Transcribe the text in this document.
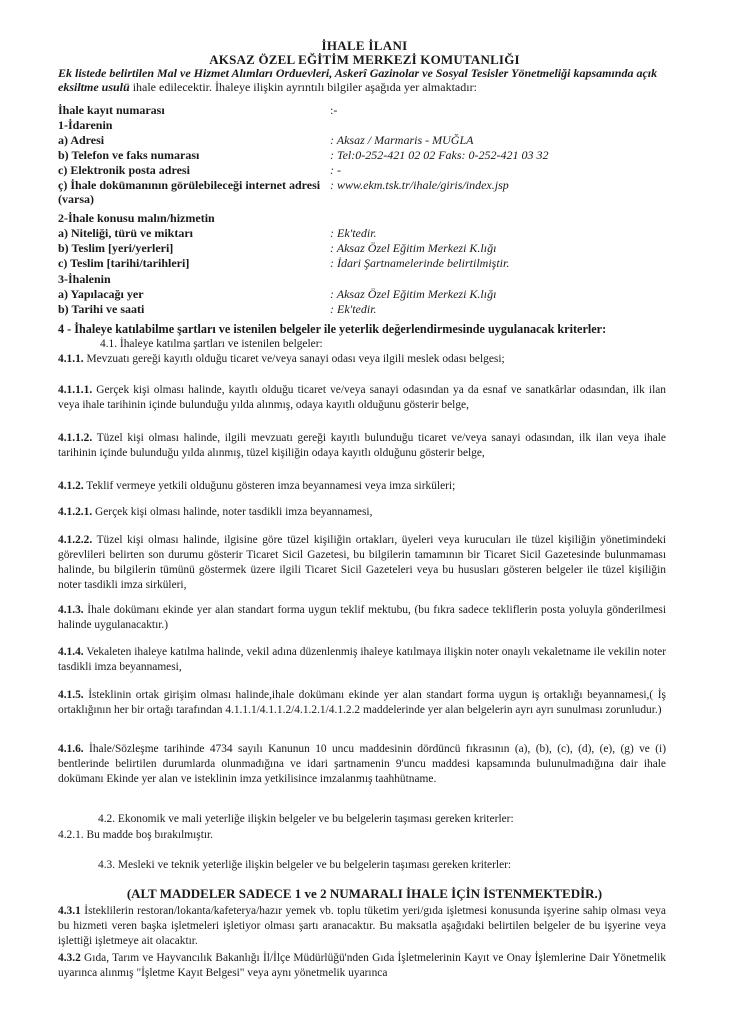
İHALE İLANI
AKSAZ ÖZEL EĞİTİM MERKEZİ KOMUTANLIĞI
Ek listede belirtilen Mal ve Hizmet Alımları Orduevleri, Askerî Gazinolar ve Sosyal Tesisler Yönetmeliği kapsamında açık eksiltme usulü ihale edilecektir. İhaleye ilişkin ayrıntılı bilgiler aşağıda yer almaktadır:
İhale kayıt numarası	:-
1-İdarenin
a) Adresi	: Aksaz / Marmaris - MUĞLA
b) Telefon ve faks numarası	: Tel:0-252-421 02 02 Faks: 0-252-421 03 32
c) Elektronik posta adresi	: -
ç) İhale dokümanının görülebileceği internet adresi (varsa): www.ekm.tsk.tr/ihale/giris/index.jsp
2-İhale konusu malın/hizmetin
a) Niteliği, türü ve miktarı	: Ek'tedir.
b) Teslim [yeri/yerleri]	: Aksaz Özel Eğitim Merkezi K.lığı
c) Teslim [tarihi/tarihleri]	: İdari Şartnamelerinde belirtilmiştir.
3-İhalenin
a) Yapılacağı yer	: Aksaz Özel Eğitim Merkezi K.lığı
b) Tarihi ve saati	: Ek'tedir.
4 - İhaleye katılabilme şartları ve istenilen belgeler ile yeterlik değerlendirmesinde uygulanacak kriterler:
4.1. İhaleye katılma şartları ve istenilen belgeler:
4.1.1. Mevzuatı gereği kayıtlı olduğu ticaret ve/veya sanayi odası veya ilgili meslek odası belgesi;
4.1.1.1. Gerçek kişi olması halinde, kayıtlı olduğu ticaret ve/veya sanayi odasından ya da esnaf ve sanatkârlar odasından, ilk ilan veya ihale tarihinin içinde bulunduğu yılda alınmış, odaya kayıtlı olduğunu gösterir belge,
4.1.1.2. Tüzel kişi olması halinde, ilgili mevzuatı gereği kayıtlı bulunduğu ticaret ve/veya sanayi odasından, ilk ilan veya ihale tarihinin içinde bulunduğu yılda alınmış, tüzel kişiliğin odaya kayıtlı olduğunu gösterir belge,
4.1.2. Teklif vermeye yetkili olduğunu gösteren imza beyannamesi veya imza sirküleri;
4.1.2.1. Gerçek kişi olması halinde, noter tasdikli imza beyannamesi,
4.1.2.2. Tüzel kişi olması halinde, ilgisine göre tüzel kişiliğin ortakları, üyeleri veya kurucuları ile tüzel kişiliğin yönetimindeki görevlileri belirten son durumu gösterir Ticaret Sicil Gazetesi, bu bilgilerin tamamının bir Ticaret Sicil Gazetesinde bulunmaması halinde, bu bilgilerin tümünü göstermek üzere ilgili Ticaret Sicil Gazeteleri veya bu hususları gösteren belgeler ile tüzel kişiliğin noter tasdikli imza sirküleri,
4.1.3. İhale dokümanı ekinde yer alan standart forma uygun teklif mektubu, (bu fıkra sadece tekliflerin posta yoluyla gönderilmesi halinde uygulanacaktır.)
4.1.4. Vekaleten ihaleye katılma halinde, vekil adına düzenlenmiş ihaleye katılmaya ilişkin noter onaylı vekaletname ile vekilin noter tasdikli imza beyannamesi,
4.1.5. İsteklinin ortak girişim olması halinde,ihale dokümanı ekinde yer alan standart forma uygun iş ortaklığı beyannamesi,( İş ortaklığının her bir ortağı tarafından 4.1.1.1/4.1.1.2/4.1.2.1/4.1.2.2 maddelerinde yer alan belgelerin ayrı ayrı sunulması zorunludur.)
4.1.6. İhale/Sözleşme tarihinde 4734 sayılı Kanunun 10 uncu maddesinin dördüncü fıkrasının (a), (b), (c), (d), (e), (g) ve (i) bentlerinde belirtilen durumlarda olunmadığına ve idari şartnamenin 9'uncu maddesi kapsamında bulunulmadığına dair ihale dokümanı Ekinde yer alan ve isteklinin imza yetkilisince imzalanmış taahhütname.
4.2. Ekonomik ve mali yeterliğe ilişkin belgeler ve bu belgelerin taşıması gereken kriterler:
4.2.1. Bu madde boş bırakılmıştır.
4.3. Mesleki ve teknik yeterliğe ilişkin belgeler ve bu belgelerin taşıması gereken kriterler:
(ALT MADDELER SADECE 1 ve 2 NUMARALI İHALE İÇİN İSTENMEKTEDİR.)
4.3.1 İsteklilerin restoran/lokanta/kafeterya/hazır yemek vb. toplu tüketim yeri/gıda işletmesi konusunda işyerine sahip olması veya bu hizmeti veren başka işletmeleri işletiyor olması şartı aranacaktır. Bu maksatla aşağıdaki belirtilen belgeler de bu işyerine veya işlettiği işletmeye ait olacaktır.
4.3.2 Gıda, Tarım ve Hayvancılık Bakanlığı İl/İlçe Müdürlüğü'nden Gıda İşletmelerinin Kayıt ve Onay İşlemlerine Dair Yönetmelik uyarınca alınmış "İşletme Kayıt Belgesi" veya aynı yönetmelik uyarınca
